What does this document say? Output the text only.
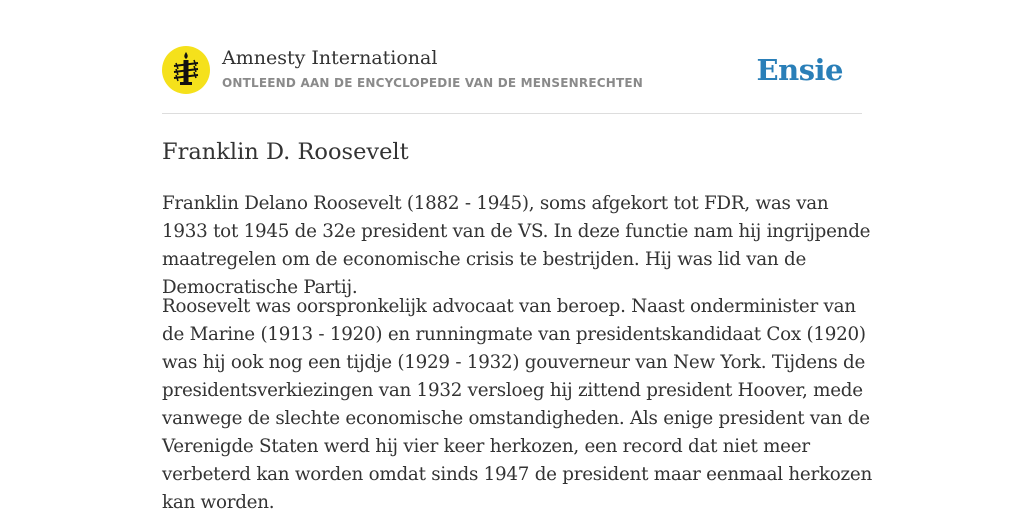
Amnesty International
ONTLEEND AAN DE ENCYCLOPEDIE VAN DE MENSENRECHTEN	Ensie
Franklin D. Roosevelt

Franklin Delano Roosevelt (1882 - 1945), soms afgekort tot FDR, was van 1933 tot 1945 de 32e president van de VS. In deze functie nam hij ingrijpende maatregelen om de economische crisis te bestrijden. Hij was lid van de Democratische Partij.

Roosevelt was oorspronkelijk advocaat van beroep. Naast onderminister van de Marine (1913 - 1920) en runningmate van presidentskandidaat Cox (1920) was hij ook nog een tijdje (1929 - 1932) gouverneur van New York. Tijdens de presidentsverkiezingen van 1932 versloeg hij zittend president Hoover, mede vanwege de slechte economische omstandigheden. Als enige president van de Verenigde Staten werd hij vier keer herkozen, een record dat niet meer verbeterd kan worden omdat sinds 1947 de president maar eenmaal herkozen kan worden.
